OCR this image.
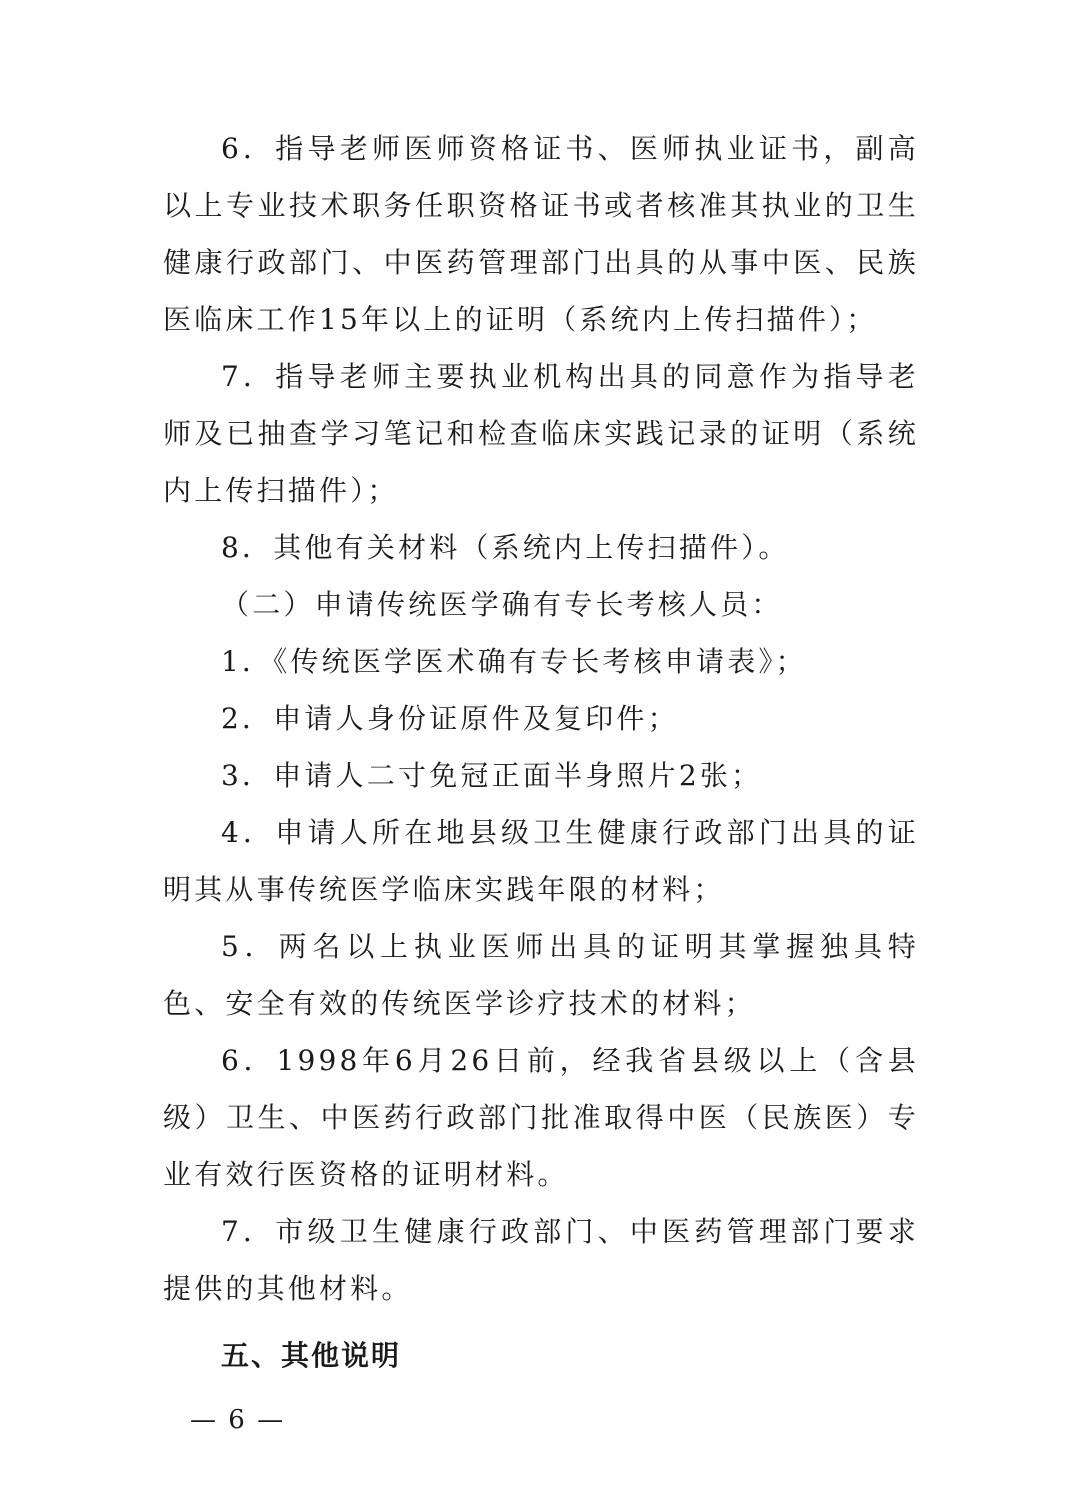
6．指导老师医师资格证书、医师执业证书，副高以上专业技术职务任职资格证书或者核准其执业的卫生健康行政部门、中医药管理部门出具的从事中医、民族医临床工作15年以上的证明（系统内上传扫描件）；

7．指导老师主要执业机构出具的同意作为指导老师及已抽查学习笔记和检查临床实践记录的证明（系统内上传扫描件）；

8．其他有关材料（系统内上传扫描件）。

（二）申请传统医学确有专长考核人员：

1．《传统医学医术确有专长考核申请表》；

2．申请人身份证原件及复印件；

3．申请人二寸免冠正面半身照片2张；

4．申请人所在地县级卫生健康行政部门出具的证明其从事传统医学临床实践年限的材料；

5．两名以上执业医师出具的证明其掌握独具特色、安全有效的传统医学诊疗技术的材料；

6．1998年6月26日前，经我省县级以上（含县级）卫生、中医药行政部门批准取得中医（民族医）专业有效行医资格的证明材料。

7．市级卫生健康行政部门、中医药管理部门要求提供的其他材料。

五、其他说明
— 6 —
